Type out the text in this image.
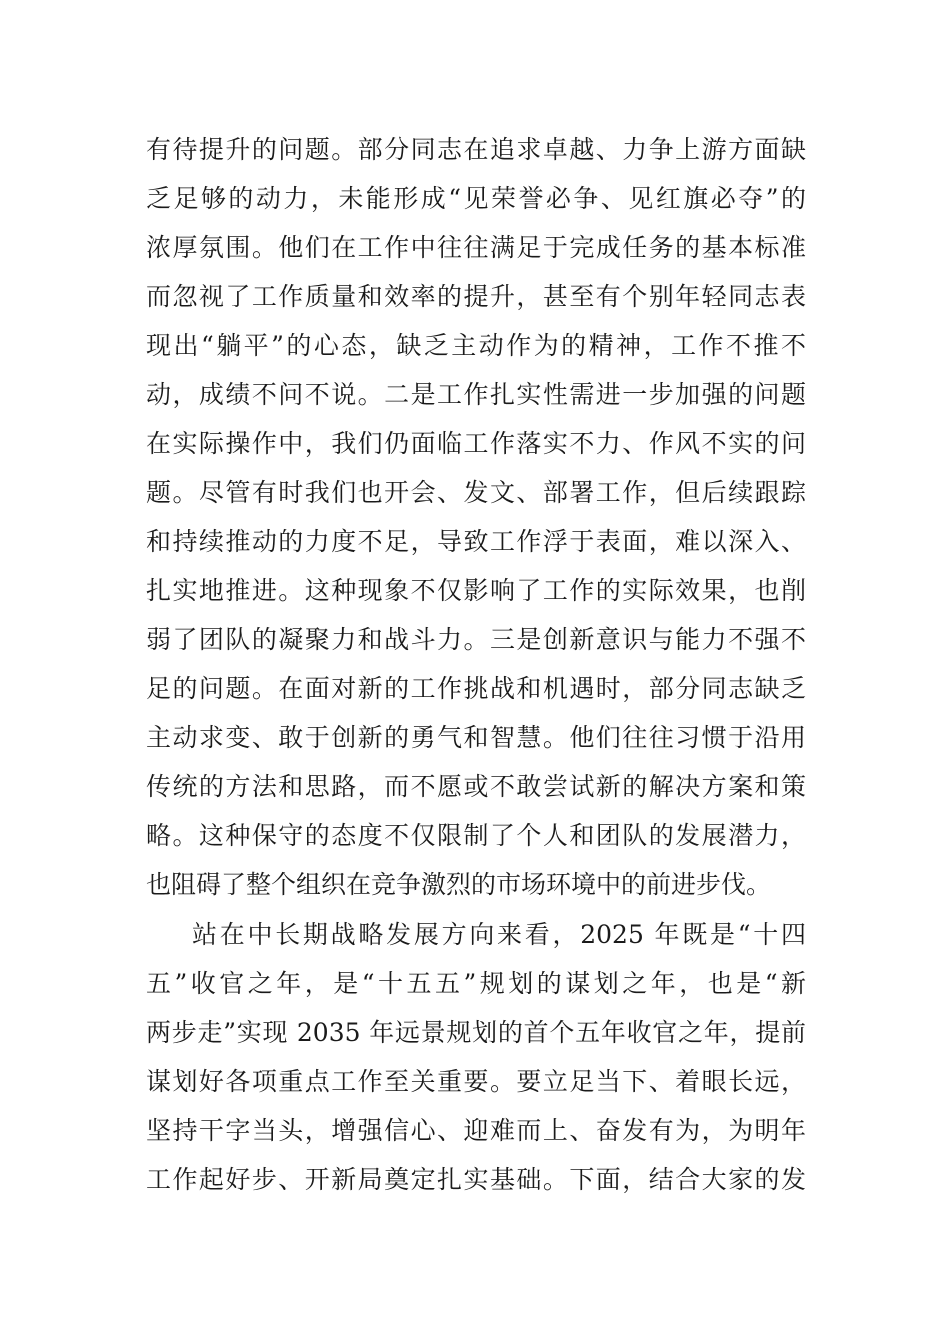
有待提升的问题。部分同志在追求卓越、力争上游方面缺
乏足够的动力，未能形成“见荣誉必争、见红旗必夺”的
浓厚氛围。他们在工作中往往满足于完成任务的基本标准
而忽视了工作质量和效率的提升，甚至有个别年轻同志表
现出“躺平”的心态，缺乏主动作为的精神，工作不推不
动，成绩不问不说。二是工作扎实性需进一步加强的问题
在实际操作中，我们仍面临工作落实不力、作风不实的问
题。尽管有时我们也开会、发文、部署工作，但后续跟踪
和持续推动的力度不足，导致工作浮于表面，难以深入、
扎实地推进。这种现象不仅影响了工作的实际效果，也削
弱了团队的凝聚力和战斗力。三是创新意识与能力不强不
足的问题。在面对新的工作挑战和机遇时，部分同志缺乏
主动求变、敢于创新的勇气和智慧。他们往往习惯于沿用
传统的方法和思路，而不愿或不敢尝试新的解决方案和策
略。这种保守的态度不仅限制了个人和团队的发展潜力，
也阻碍了整个组织在竞争激烈的市场环境中的前进步伐。
站在中长期战略发展方向来看，2025 年既是“十四
五”收官之年，是“十五五”规划的谋划之年，也是“新
两步走”实现 2035 年远景规划的首个五年收官之年，提前
谋划好各项重点工作至关重要。要立足当下、着眼长远，
坚持干字当头，增强信心、迎难而上、奋发有为，为明年
工作起好步、开新局奠定扎实基础。下面，结合大家的发
